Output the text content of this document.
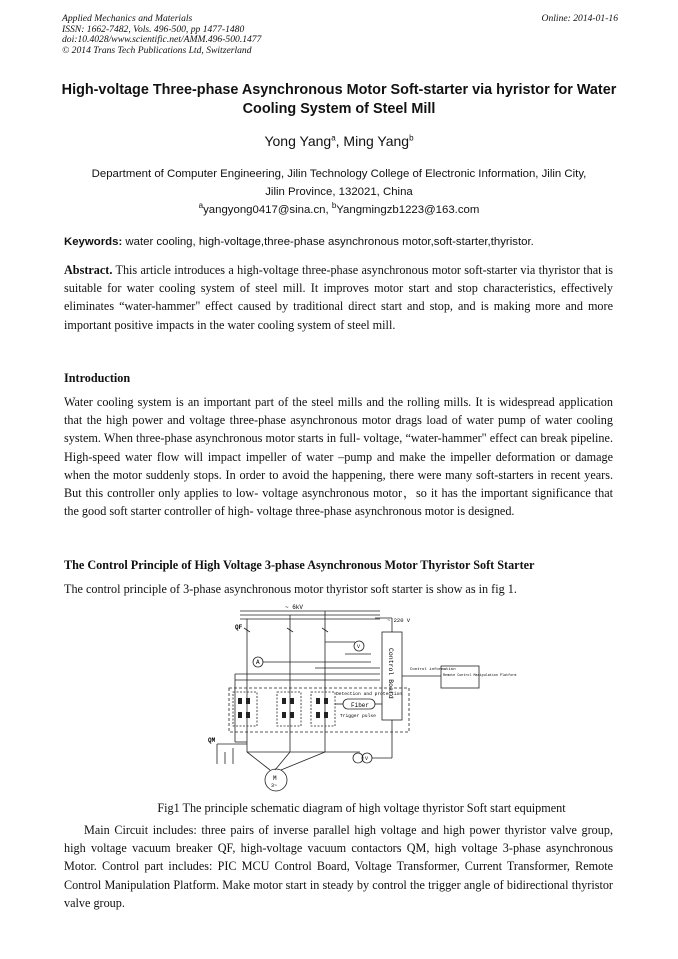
Applied Mechanics and Materials
ISSN: 1662-7482, Vols. 496-500, pp 1477-1480
doi:10.4028/www.scientific.net/AMM.496-500.1477
© 2014 Trans Tech Publications Ltd, Switzerland
Online: 2014-01-16
High-voltage Three-phase Asynchronous Motor Soft-starter via hyristor for Water Cooling System of Steel Mill
Yong Yang$^a$, Ming Yang$^b$
Department of Computer Engineering, Jilin Technology College of Electronic Information, Jilin City,
Jilin Province, 132021, China
$^a$yangyong0417@sina.cn, $^b$Yangmingzb1223@163.com
Keywords: water cooling, high-voltage,three-phase asynchronous motor,soft-starter,thyristor.
Abstract. This article introduces a high-voltage three-phase asynchronous motor soft-starter via thyristor that is suitable for water cooling system of steel mill. It improves motor start and stop characteristics, effectively eliminates “water-hammer" effect caused by traditional direct start and stop, and is making more and more important positive impacts in the water cooling system of steel mill.
Introduction
Water cooling system is an important part of the steel mills and the rolling mills. It is widespread application that the high power and voltage three-phase asynchronous motor drags load of water pump of water cooling system. When three-phase asynchronous motor starts in full- voltage, “water-hammer" effect can break pipeline. High-speed water flow will impact impeller of water –pump and make the impeller deformation or damage when the motor suddenly stops. In order to avoid the happening, there were many soft-starters in recent years. But this controller only applies to low- voltage asynchronous motor，so it has the important significance that the good soft starter controller of high- voltage three-phase asynchronous motor is designed.
The Control Principle of High Voltage 3-phase Asynchronous Motor Thyristor Soft Starter
The control principle of 3-phase asynchronous motor thyristor soft starter is show as in fig 1.
~ 6kV
QF
QM
~ 220 V
A
V
V
Control Board	Control information
Remote Control Manipulation Platform
Detection and protection
Fiber
Trigger pulse
M
3~
Fig1 The principle schematic diagram of high voltage thyristor Soft start equipment
Main Circuit includes: three pairs of inverse parallel high voltage and high power thyristor valve group, high voltage vacuum breaker QF, high-voltage vacuum contactors QM, high voltage 3-phase asynchronous Motor. Control part includes: PIC MCU Control Board, Voltage Transformer, Current Transformer, Remote Control Manipulation Platform. Make motor start in steady by control the trigger angle of bidirectional thyristor valve group.
